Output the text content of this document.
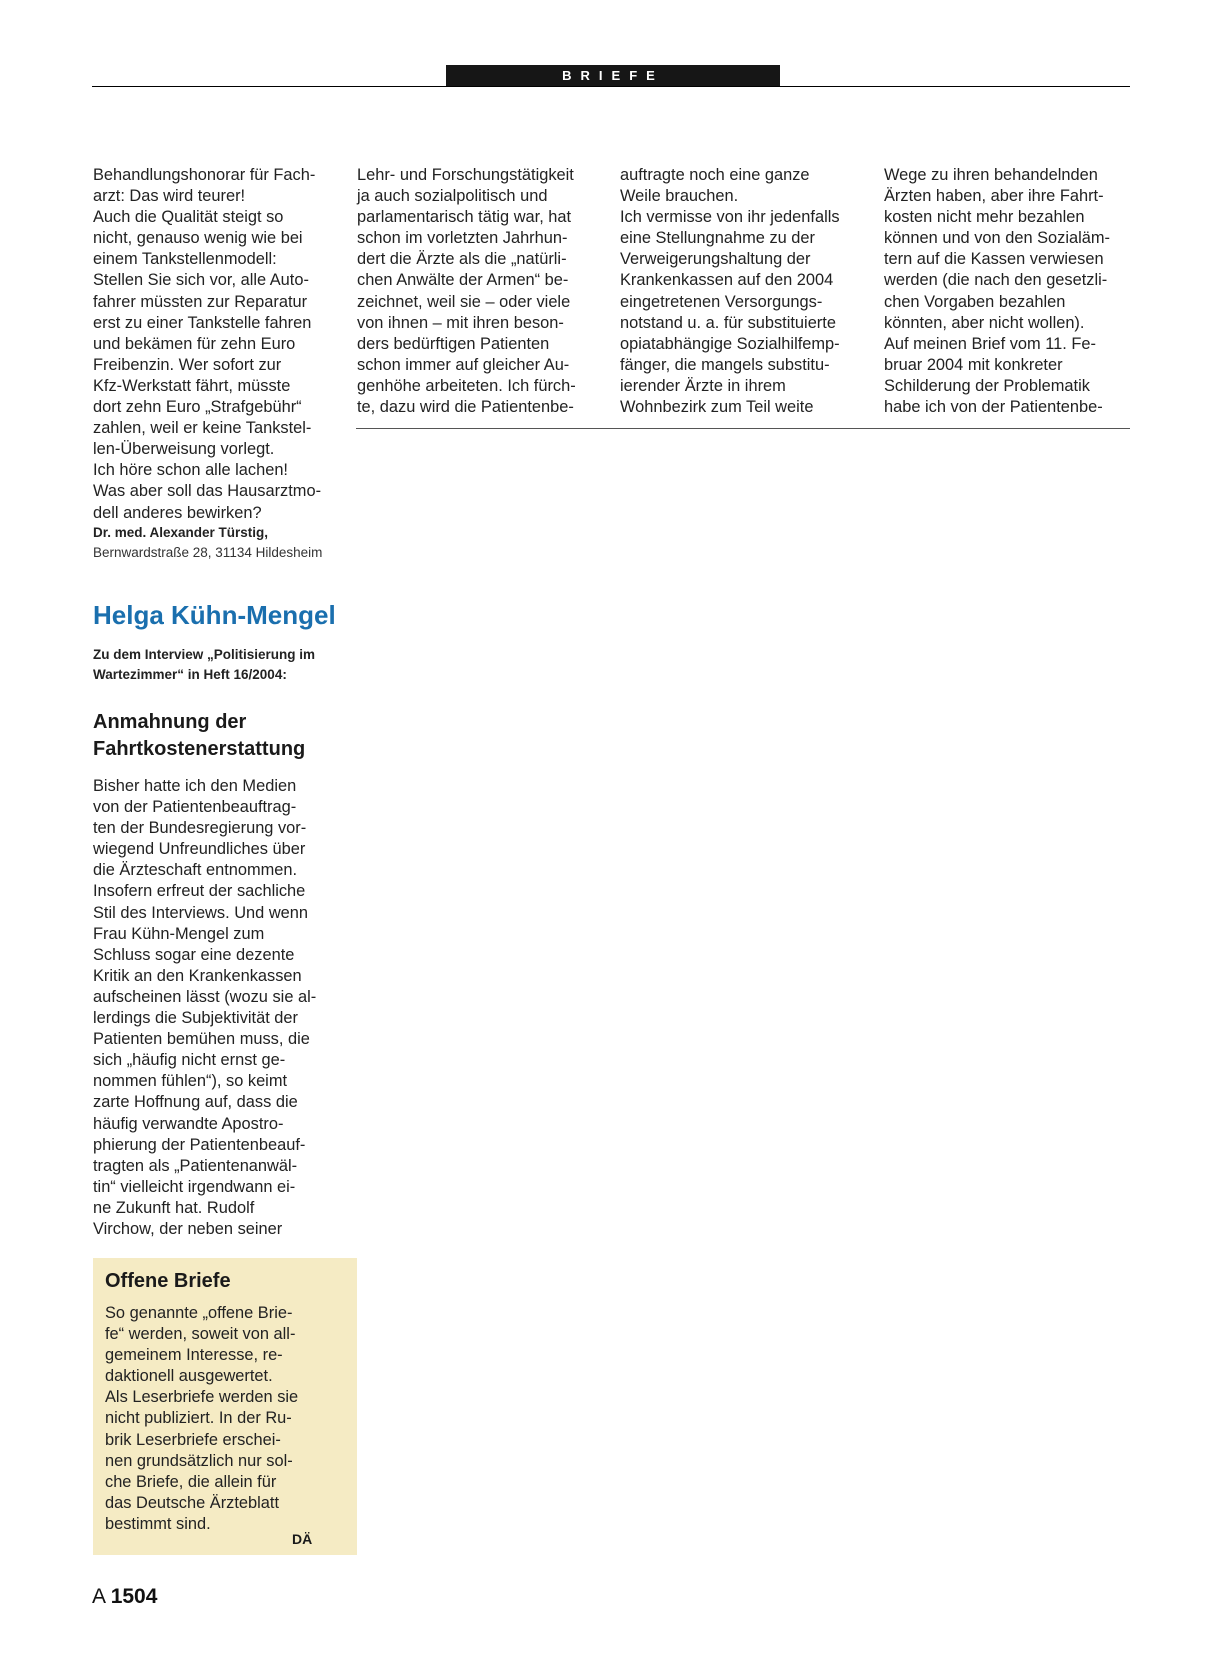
BRIEFE
Behandlungshonorar für Fach-
arzt: Das wird teurer!
Auch die Qualität steigt so
nicht, genauso wenig wie bei
einem Tankstellenmodell:
Stellen Sie sich vor, alle Auto-
fahrer müssten zur Reparatur
erst zu einer Tankstelle fahren
und bekämen für zehn Euro
Freibenzin. Wer sofort zur
Kfz-Werkstatt fährt, müsste
dort zehn Euro „Strafgebühr“
zahlen, weil er keine Tankstel-
len-Überweisung vorlegt.
Ich höre schon alle lachen!
Was aber soll das Hausarztmo-
dell anderes bewirken?
Dr. med. Alexander Türstig,
Bernwardstraße 28, 31134 Hildesheim
Lehr- und Forschungstätigkeit
ja auch sozialpolitisch und
parlamentarisch tätig war, hat
schon im vorletzten Jahrhun-
dert die Ärzte als die „natürli-
chen Anwälte der Armen“ be-
zeichnet, weil sie – oder viele
von ihnen – mit ihren beson-
ders bedürftigen Patienten
schon immer auf gleicher Au-
genhöhe arbeiteten. Ich fürch-
te, dazu wird die Patientenbe-
auftragte noch eine ganze
Weile brauchen.
Ich vermisse von ihr jedenfalls
eine Stellungnahme zu der
Verweigerungshaltung der
Krankenkassen auf den 2004
eingetretenen Versorgungs-
notstand u. a. für substituierte
opiatabhängige Sozialhilfemp-
fänger, die mangels substitu-
ierender Ärzte in ihrem
Wohnbezirk zum Teil weite
Wege zu ihren behandelnden
Ärzten haben, aber ihre Fahrt-
kosten nicht mehr bezahlen
können und von den Sozialäm-
tern auf die Kassen verwiesen
werden (die nach den gesetzli-
chen Vorgaben bezahlen
könnten, aber nicht wollen).
Auf meinen Brief vom 11. Fe-
bruar 2004 mit konkreter
Schilderung der Problematik
habe ich von der Patientenbe-
Helga Kühn-Mengel
Zu dem Interview „Politisierung im
Wartezimmer“ in Heft 16/2004:
Anmahnung der
Fahrtkostenerstattung
Bisher hatte ich den Medien
von der Patientenbeauftrag-
ten der Bundesregierung vor-
wiegend Unfreundliches über
die Ärzteschaft entnommen.
Insofern erfreut der sachliche
Stil des Interviews. Und wenn
Frau Kühn-Mengel zum
Schluss sogar eine dezente
Kritik an den Krankenkassen
aufscheinen lässt (wozu sie al-
lerdings die Subjektivität der
Patienten bemühen muss, die
sich „häufig nicht ernst ge-
nommen fühlen“), so keimt
zarte Hoffnung auf, dass die
häufig verwandte Apostro-
phierung der Patientenbeauf-
tragten als „Patientenanwäl-
tin“ vielleicht irgendwann ei-
ne Zukunft hat. Rudolf
Virchow, der neben seiner
Offene Briefe
So genannte „offene Brie-
fe“ werden, soweit von all-
gemeinem Interesse, re-
daktionell ausgewertet.
Als Leserbriefe werden sie
nicht publiziert. In der Ru-
brik Leserbriefe erschei-
nen grundsätzlich nur sol-
che Briefe, die allein für
das Deutsche Ärzteblatt
bestimmt sind.
DÄ
A 1504
